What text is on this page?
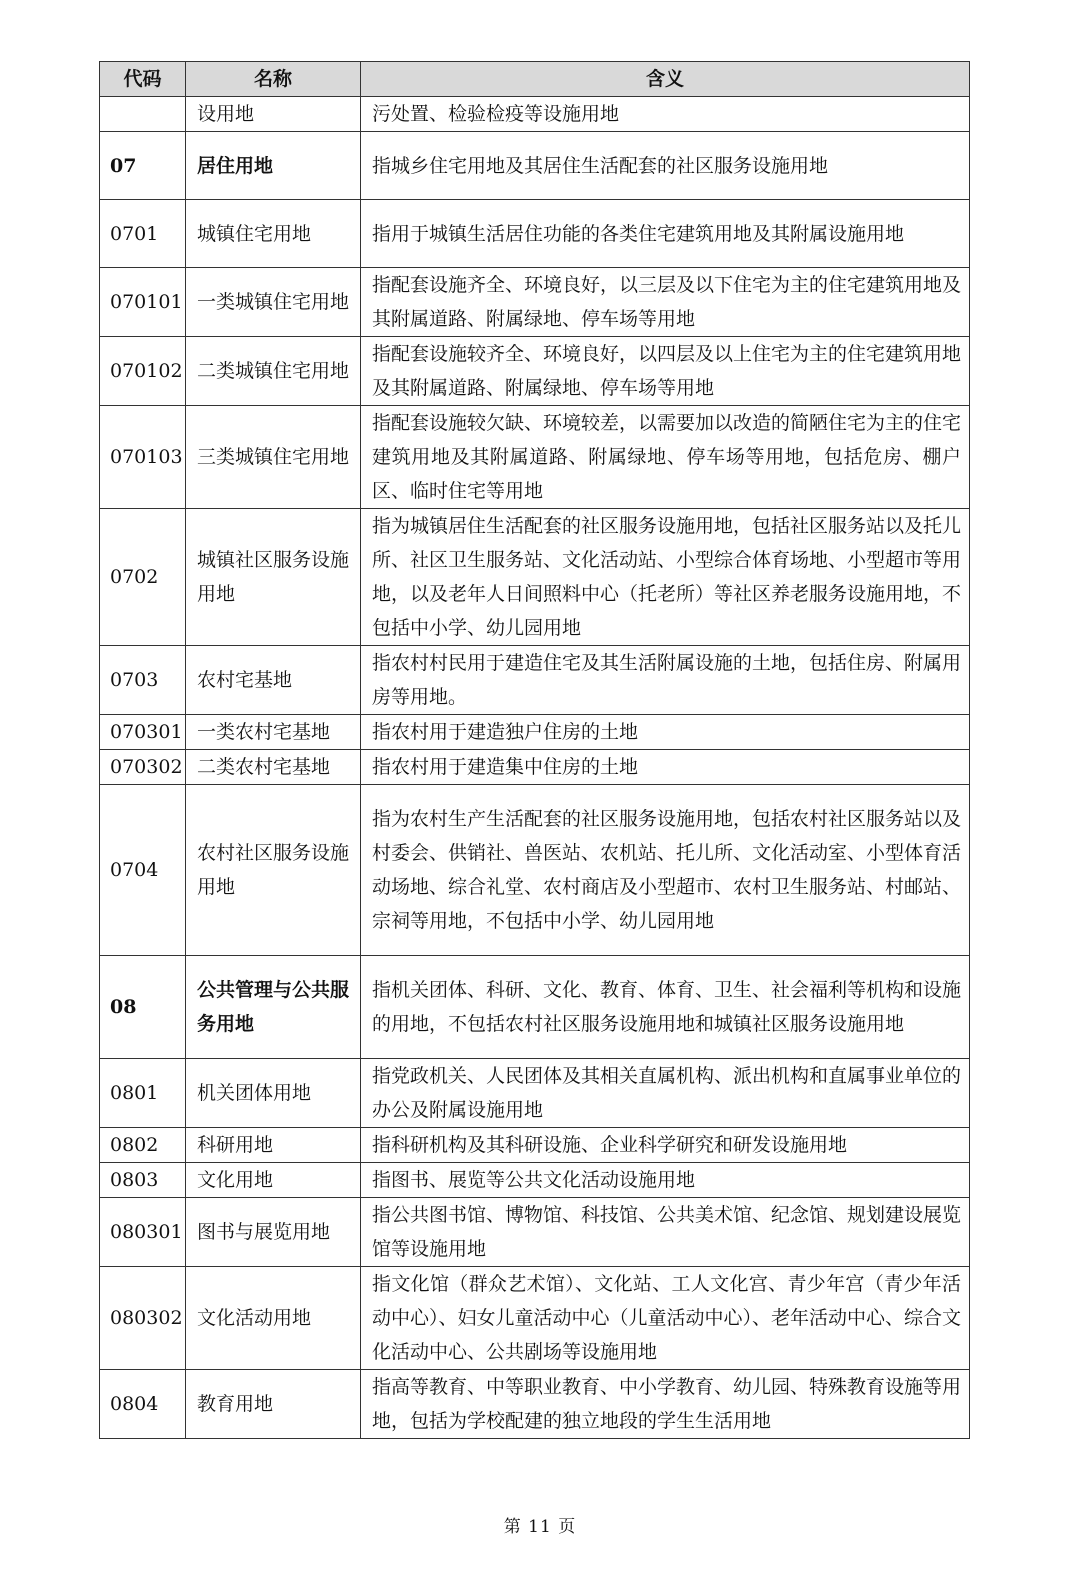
代码	名称	含义
	设用地	污处置、检验检疫等设施用地
07	居住用地	指城乡住宅用地及其居住生活配套的社区服务设施用地
0701	城镇住宅用地	指用于城镇生活居住功能的各类住宅建筑用地及其附属设施用地
070101	一类城镇住宅用地	指配套设施齐全、环境良好，以三层及以下住宅为主的住宅建筑用地及其附属道路、附属绿地、停车场等用地
070102	二类城镇住宅用地	指配套设施较齐全、环境良好，以四层及以上住宅为主的住宅建筑用地及其附属道路、附属绿地、停车场等用地
070103	三类城镇住宅用地	指配套设施较欠缺、环境较差，以需要加以改造的简陋住宅为主的住宅建筑用地及其附属道路、附属绿地、停车场等用地，包括危房、棚户区、临时住宅等用地
0702	城镇社区服务设施用地	指为城镇居住生活配套的社区服务设施用地，包括社区服务站以及托儿所、社区卫生服务站、文化活动站、小型综合体育场地、小型超市等用地，以及老年人日间照料中心（托老所）等社区养老服务设施用地，不包括中小学、幼儿园用地
0703	农村宅基地	指农村村民用于建造住宅及其生活附属设施的土地，包括住房、附属用房等用地。
070301	一类农村宅基地	指农村用于建造独户住房的土地
070302	二类农村宅基地	指农村用于建造集中住房的土地
0704	农村社区服务设施用地	指为农村生产生活配套的社区服务设施用地，包括农村社区服务站以及村委会、供销社、兽医站、农机站、托儿所、文化活动室、小型体育活动场地、综合礼堂、农村商店及小型超市、农村卫生服务站、村邮站、宗祠等用地，不包括中小学、幼儿园用地
08	公共管理与公共服务用地	指机关团体、科研、文化、教育、体育、卫生、社会福利等机构和设施的用地，不包括农村社区服务设施用地和城镇社区服务设施用地
0801	机关团体用地	指党政机关、人民团体及其相关直属机构、派出机构和直属事业单位的办公及附属设施用地
0802	科研用地	指科研机构及其科研设施、企业科学研究和研发设施用地
0803	文化用地	指图书、展览等公共文化活动设施用地
080301	图书与展览用地	指公共图书馆、博物馆、科技馆、公共美术馆、纪念馆、规划建设展览馆等设施用地
080302	文化活动用地	指文化馆（群众艺术馆）、文化站、工人文化宫、青少年宫（青少年活动中心）、妇女儿童活动中心（儿童活动中心）、老年活动中心、综合文化活动中心、公共剧场等设施用地
0804	教育用地	指高等教育、中等职业教育、中小学教育、幼儿园、特殊教育设施等用地，包括为学校配建的独立地段的学生生活用地
第 11 页
